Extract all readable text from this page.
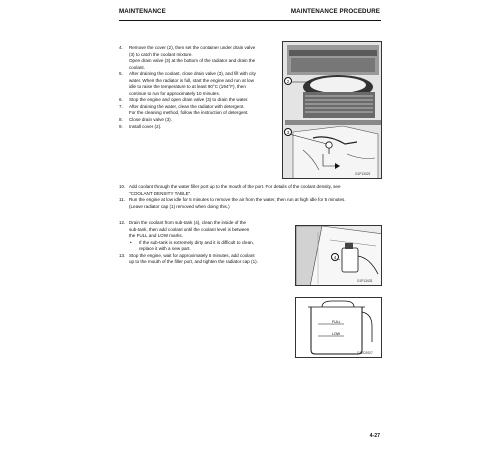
MAINTENANCE	MAINTENANCE PROCEDURE
4. Remove the cover (2), then set the container under drain valve
(3) to catch the coolant mixture.
Open drain valve (3) at the bottom of the radiator and drain the
coolant.
5. After draining the coolant, close drain valve (3), and fill with city
water. When the radiator is full, start the engine and run at low
idle to raise the temperature to at least 90°C (194°F), then
continue to run for approximately 10 minutes.
6. Stop the engine and open drain valve (3) to drain the water.
7. After draining the water, clean the radiator with detergent.
For the cleaning method, follow the instruction of detergent.
8. Close drain valve (3).
9. Install cover (2).
10. Add coolant through the water filler port up to the mouth of the port. For details of the coolant density, see
"COOLANT DENSITY TABLE".
11. Run the engine at low idle for 5 minutes to remove the air from the water, then run at high idle for 5 minutes.
(Leave radiator cap (1) removed when doing this.)
12. Drain the coolant from sub-tank (4), clean the inside of the
sub-tank, then add coolant until the coolant level is between
the FULL and LOW marks.
• If the sub-tank is extremely dirty and it is difficult to clean,
replace it with a new part.
13. Stop the engine, wait for approximately 5 minutes, add coolant
up to the mouth of the filler port, and tighten the radiator cap (1).
2
3
G1P13323
4
G1P13433
FULL
LOW
G1KD3927
4-27
